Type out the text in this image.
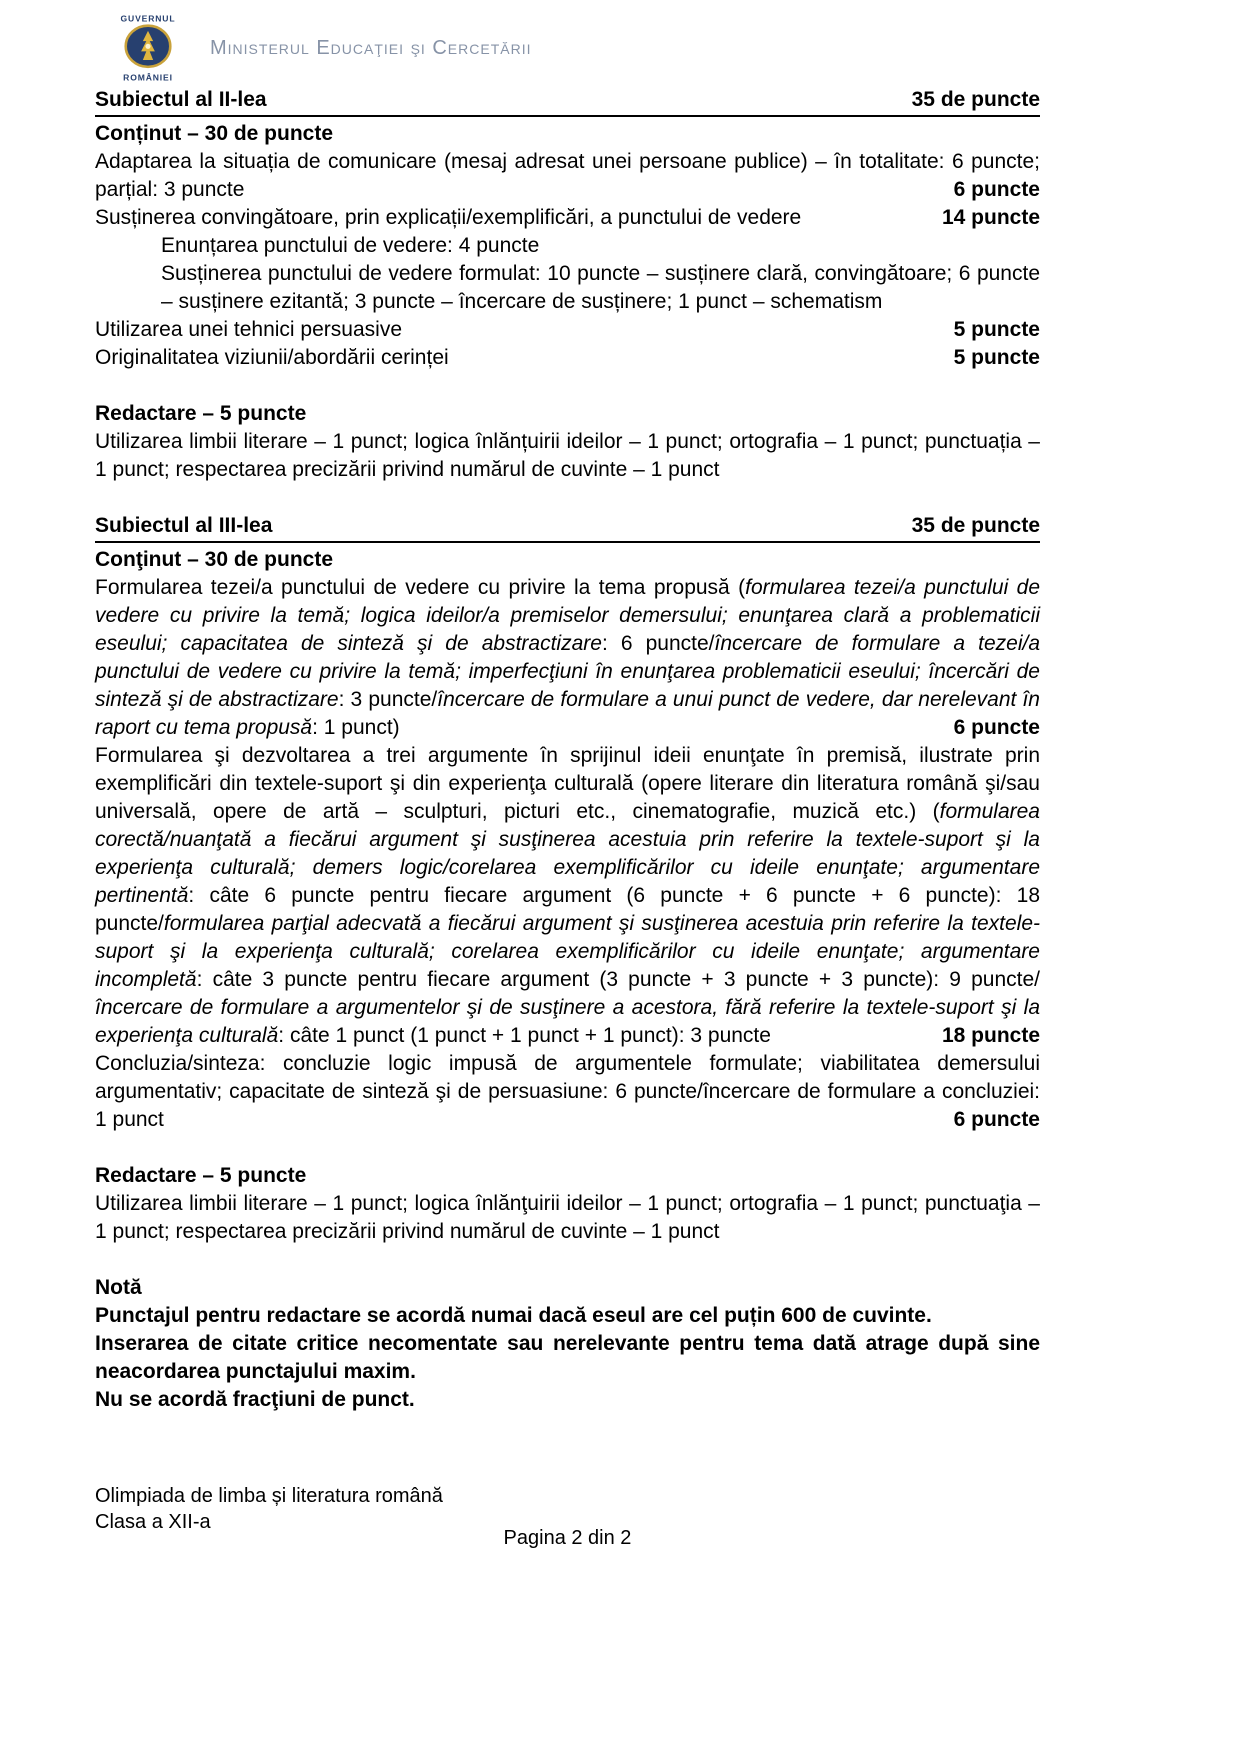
GUVERNUL
ROMÂNIEI
Ministerul Educaţiei şi Cercetării
Subiectul al II-lea	35 de puncte

Conținut – 30 de puncte

Adaptarea la situația de comunicare (mesaj adresat unei persoane publice) – în totalitate: 6 puncte; parțial: 3 puncte	6 puncte

Susținerea convingătoare, prin explicații/exemplificări, a punctului de vedere	14 puncte

Enunțarea punctului de vedere: 4 puncte

Susținerea punctului de vedere formulat: 10 puncte – susținere clară, convingătoare; 6 puncte – susținere ezitantă; 3 puncte – încercare de susținere; 1 punct – schematism

Utilizarea unei tehnici persuasive	5 puncte

Originalitatea viziunii/abordării cerinței	5 puncte

Redactare – 5 puncte

Utilizarea limbii literare – 1 punct; logica înlănțuirii ideilor – 1 punct; ortografia – 1 punct; punctuația – 1 punct; respectarea precizării privind numărul de cuvinte – 1 punct

Subiectul al III-lea	35 de puncte

Conţinut – 30 de puncte

Formularea tezei/a punctului de vedere cu privire la tema propusă (formularea tezei/a punctului de vedere cu privire la temă; logica ideilor/a premiselor demersului; enunţarea clară a problematicii eseului; capacitatea de sinteză şi de abstractizare: 6 puncte/încercare de formulare a tezei/a punctului de vedere cu privire la temă; imperfecţiuni în enunţarea problematicii eseului; încercări de sinteză şi de abstractizare: 3 puncte/încercare de formulare a unui punct de vedere, dar nerelevant în raport cu tema propusă: 1 punct)	6 puncte

Formularea şi dezvoltarea a trei argumente în sprijinul ideii enunţate în premisă, ilustrate prin exemplificări din textele-suport şi din experienţa culturală (opere literare din literatura română şi/sau universală, opere de artă – sculpturi, picturi etc., cinematografie, muzică etc.) (formularea corectă/nuanţată a fiecărui argument şi susţinerea acestuia prin referire la textele-suport şi la experienţa culturală; demers logic/corelarea exemplificărilor cu ideile enunţate; argumentare pertinentă: câte 6 puncte pentru fiecare argument (6 puncte + 6 puncte + 6 puncte): 18 puncte/formularea parţial adecvată a fiecărui argument şi susţinerea acestuia prin referire la textele-suport şi la experienţa culturală; corelarea exemplificărilor cu ideile enunţate; argumentare incompletă: câte 3 puncte pentru fiecare argument (3 puncte + 3 puncte + 3 puncte): 9 puncte/încercare de formulare a argumentelor şi de susţinere a acestora, fără referire la textele-suport şi la experienţa culturală: câte 1 punct (1 punct + 1 punct + 1 punct): 3 puncte	18 puncte

Concluzia/sinteza: concluzie logic impusă de argumentele formulate; viabilitatea demersului argumentativ; capacitate de sinteză şi de persuasiune: 6 puncte/încercare de formulare a concluziei: 1 punct	6 puncte

Redactare – 5 puncte

Utilizarea limbii literare – 1 punct; logica înlănţuirii ideilor – 1 punct; ortografia – 1 punct; punctuaţia – 1 punct; respectarea precizării privind numărul de cuvinte – 1 punct

Notă

Punctajul pentru redactare se acordă numai dacă eseul are cel puțin 600 de cuvinte.

Inserarea de citate critice necomentate sau nerelevante pentru tema dată atrage după sine neacordarea punctajului maxim.

Nu se acordă fracţiuni de punct.

Olimpiada de limba și literatura română
Clasa a XII-a
Pagina 2 din 2
